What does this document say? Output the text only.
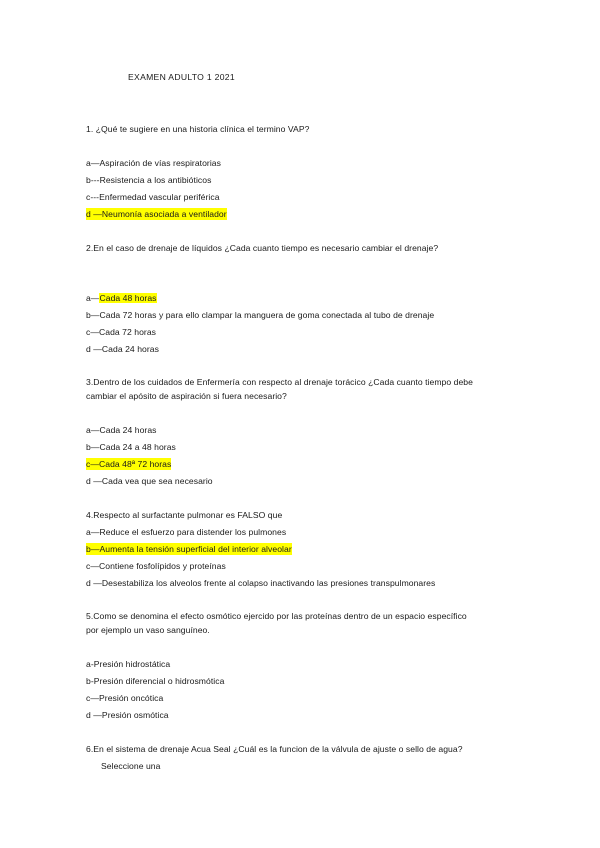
EXAMEN ADULTO 1 2021
1. ¿Qué te sugiere en una historia clínica el termino VAP?
a—Aspiración de vías respiratorias
b---Resistencia a los antibióticos
c---Enfermedad vascular periférica
d —Neumonía asociada a ventilador
2.En el caso de drenaje de líquidos ¿Cada cuanto tiempo es necesario cambiar el drenaje?
a—Cada 48 horas
b—Cada 72 horas y para ello clampar la manguera de goma conectada al tubo de drenaje
c—Cada 72 horas
d —Cada 24 horas
3.Dentro de los cuidados de Enfermería con respecto al drenaje torácico ¿Cada cuanto tiempo debe
cambiar el apósito de aspiración si fuera necesario?
a—Cada 24 horas
b—Cada 24 a 48 horas
c—Cada 48ª 72 horas
d —Cada vea que sea necesario
4.Respecto al surfactante pulmonar es FALSO que
a—Reduce el esfuerzo para distender los pulmones
b—Aumenta la tensión superficial del interior alveolar
c—Contiene fosfolípidos y proteínas
d —Desestabiliza los alveolos frente al colapso inactivando las presiones transpulmonares
5.Como se denomina el efecto osmótico ejercido por las proteínas dentro de un espacio específico
por ejemplo un vaso sanguíneo.
a-Presión hidrostática
b-Presión diferencial o hidrosmótica
c—Presión oncótica
d —Presión osmótica
6.En el sistema de drenaje Acua Seal ¿Cuál es la funcion de la válvula de ajuste o sello de agua?
Seleccione una
